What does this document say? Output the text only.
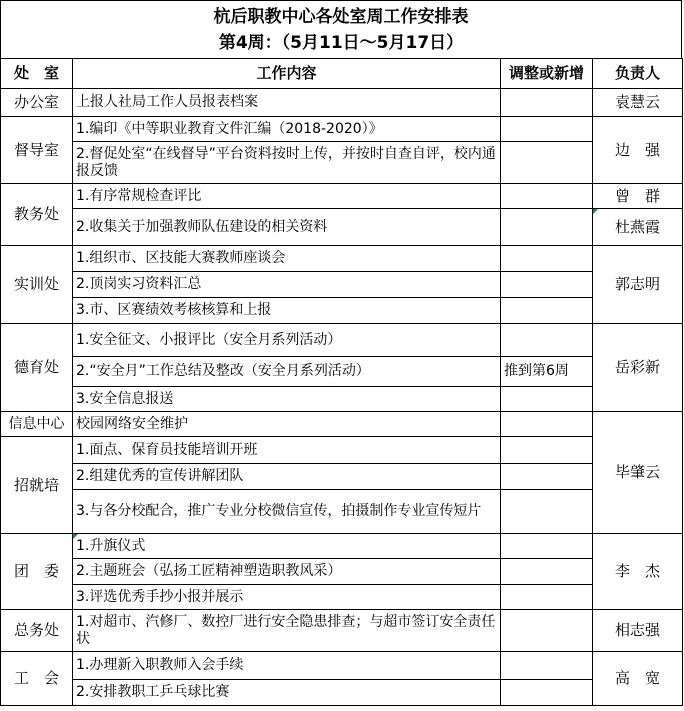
杭后职教中心各处室周工作安排表
第4周：（5月11日～5月17日）
处　室	工作内容	调整或新增	负责人
办公室	上报人社局工作人员报表档案		袁慧云
督导室	1.编印《中等职业教育文件汇编（2018-2020）》		边　强
	2.督促处室“在线督导”平台资料按时上传，并按时自查自评，校内通报反馈		
教务处	1.有序常规检查评比		曾　群
	2.收集关于加强教师队伍建设的相关资料		杜燕霞
实训处	1.组织市、区技能大赛教师座谈会		郭志明
	2.顶岗实习资料汇总		
	3.市、区赛绩效考核核算和上报		
德育处	1.安全征文、小报评比（安全月系列活动）		岳彩新
	2.“安全月”工作总结及整改（安全月系列活动）	推到第6周	
	3.安全信息报送		
信息中心	校园网络安全维护		毕肇云
招就培	1.面点、保育员技能培训开班		
	2.组建优秀的宣传讲解团队		
	3.与各分校配合，推广专业分校微信宣传，拍摄制作专业宣传短片		
团　委	1.升旗仪式		李　杰
	2.主题班会（弘扬工匠精神塑造职教风采）		
	3.评选优秀手抄小报并展示		
总务处	1.对超市、汽修厂、数控厂进行安全隐患排查；与超市签订安全责任状		相志强
工　会	1.办理新入职教师入会手续		高　宽
	2.安排教职工乒乓球比赛		
